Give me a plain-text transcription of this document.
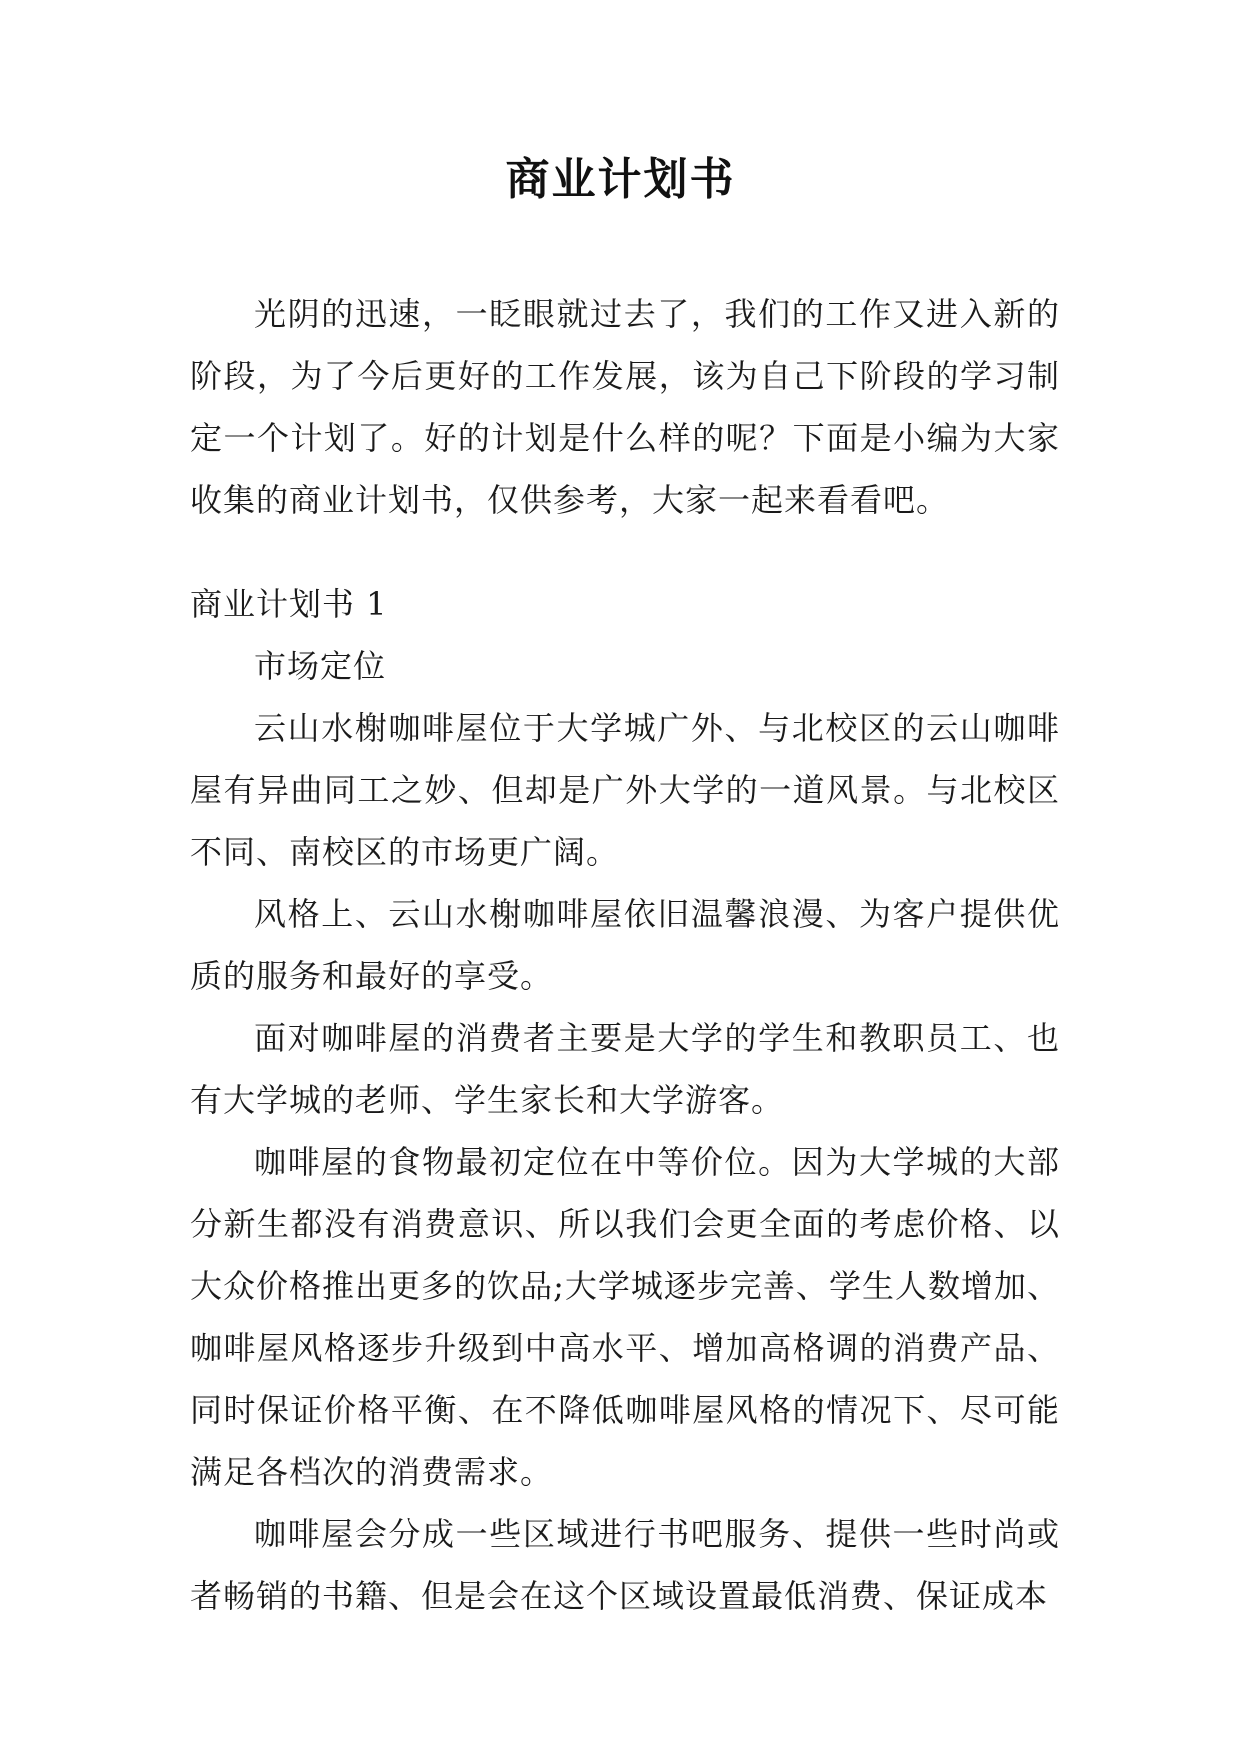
商业计划书

光阴的迅速，一眨眼就过去了，我们的工作又进入新的阶段，为了今后更好的工作发展，该为自己下阶段的学习制定一个计划了。好的计划是什么样的呢？下面是小编为大家收集的商业计划书，仅供参考，大家一起来看看吧。

商业计划书 1

市场定位

云山水榭咖啡屋位于大学城广外、与北校区的云山咖啡屋有异曲同工之妙、但却是广外大学的一道风景。与北校区不同、南校区的市场更广阔。

风格上、云山水榭咖啡屋依旧温馨浪漫、为客户提供优质的服务和最好的享受。

面对咖啡屋的消费者主要是大学的学生和教职员工、也有大学城的老师、学生家长和大学游客。

咖啡屋的食物最初定位在中等价位。因为大学城的大部分新生都没有消费意识、所以我们会更全面的考虑价格、以大众价格推出更多的饮品;大学城逐步完善、学生人数增加、咖啡屋风格逐步升级到中高水平、增加高格调的消费产品、同时保证价格平衡、在不降低咖啡屋风格的情况下、尽可能满足各档次的消费需求。

咖啡屋会分成一些区域进行书吧服务、提供一些时尚或者畅销的书籍、但是会在这个区域设置最低消费、保证成本
